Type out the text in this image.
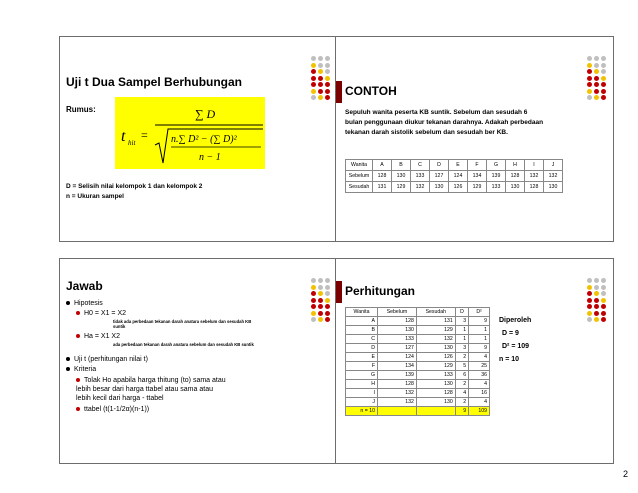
Uji t Dua Sampel Berhubungan
Rumus:
t hit
=
∑ D
n.∑ D² − (∑ D)²
n − 1
D = Selisih nilai kelompok 1 dan kelompok 2
n = Ukuran sampel
CONTOH
Sepuluh wanita peserta KB suntik. Sebelum dan sesudah 6 bulan penggunaan diukur tekanan darahnya. Adakah perbedaan tekanan darah sistolik sebelum dan sesudah ber KB.
Wanita	A	B	C	D	E	F	G	H	I	J
Sebelum	128	130	133	127	124	134	139	128	132	132
Sesudah	131	129	132	130	126	129	133	130	128	130
Jawab
Hipotesis
H0 = X1 = X2
tidak ada perbedaan tekanan darah anatara sebelum dan sesudah KB suntik
Ha = X1 X2
ada perbedaan tekanan darah anatara sebelum dan sesudah KB suntik
Uji t (perhitungan nilai t)
Kriteria
Tolak Ho apabila harga thitung (to) sama atau lebih besar dari harga ttabel atau sama atau lebih kecil dari harga - ttabel
ttabel (t(1-1/2α)(n-1))
Perhitungan
Wanita	Sebelum	Sesudah	D	D²
A	128	131	3	9
B	130	129	1	1
C	133	132	1	1
D	127	130	3	9
E	124	126	2	4
F	134	129	5	25
G	139	133	6	36
H	128	130	2	4
I	132	128	4	16
J	132	130	2	4
n = 10			9	109
Diperoleh
D = 9
D² = 109
n = 10
2
